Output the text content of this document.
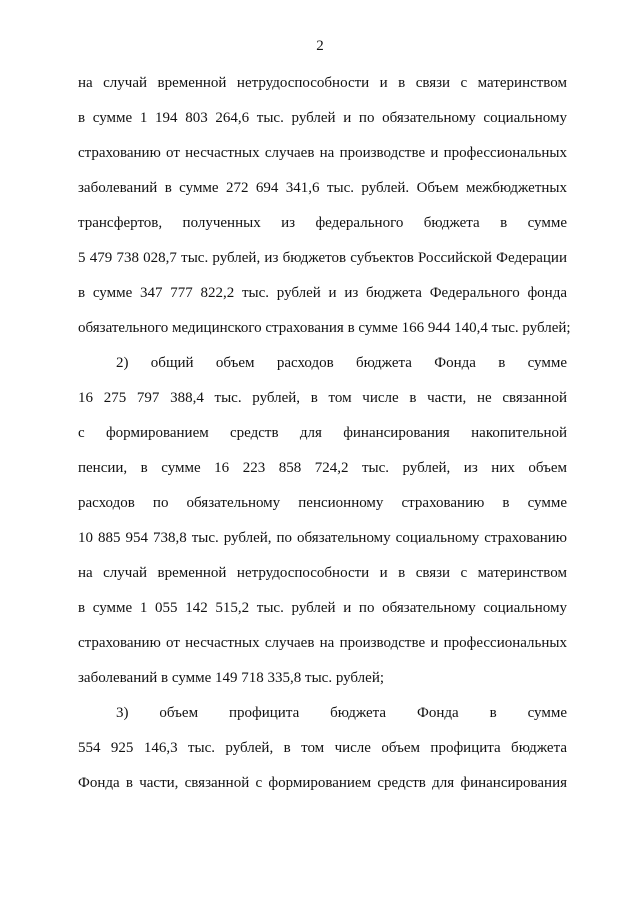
2
на случай временной нетрудоспособности и в связи с материнством
в сумме 1 194 803 264,6 тыс. рублей и по обязательному социальному
страхованию от несчастных случаев на производстве и профессиональных
заболеваний в сумме 272 694 341,6 тыс. рублей. Объем межбюджетных
трансфертов, полученных из федерального бюджета в сумме
5 479 738 028,7 тыс. рублей, из бюджетов субъектов Российской Федерации
в сумме 347 777 822,2 тыс. рублей и из бюджета Федерального фонда
обязательного медицинского страхования в сумме 166 944 140,4 тыс. рублей;
2) общий объем расходов бюджета Фонда в сумме
16 275 797 388,4 тыс. рублей, в том числе в части, не связанной
с формированием средств для финансирования накопительной
пенсии, в сумме 16 223 858 724,2 тыс. рублей, из них объем
расходов по обязательному пенсионному страхованию в сумме
10 885 954 738,8 тыс. рублей, по обязательному социальному страхованию
на случай временной нетрудоспособности и в связи с материнством
в сумме 1 055 142 515,2 тыс. рублей и по обязательному социальному
страхованию от несчастных случаев на производстве и профессиональных
заболеваний в сумме 149 718 335,8 тыс. рублей;
3) объем профицита бюджета Фонда в сумме
554 925 146,3 тыс. рублей, в том числе объем профицита бюджета
Фонда в части, связанной с формированием средств для финансирования
